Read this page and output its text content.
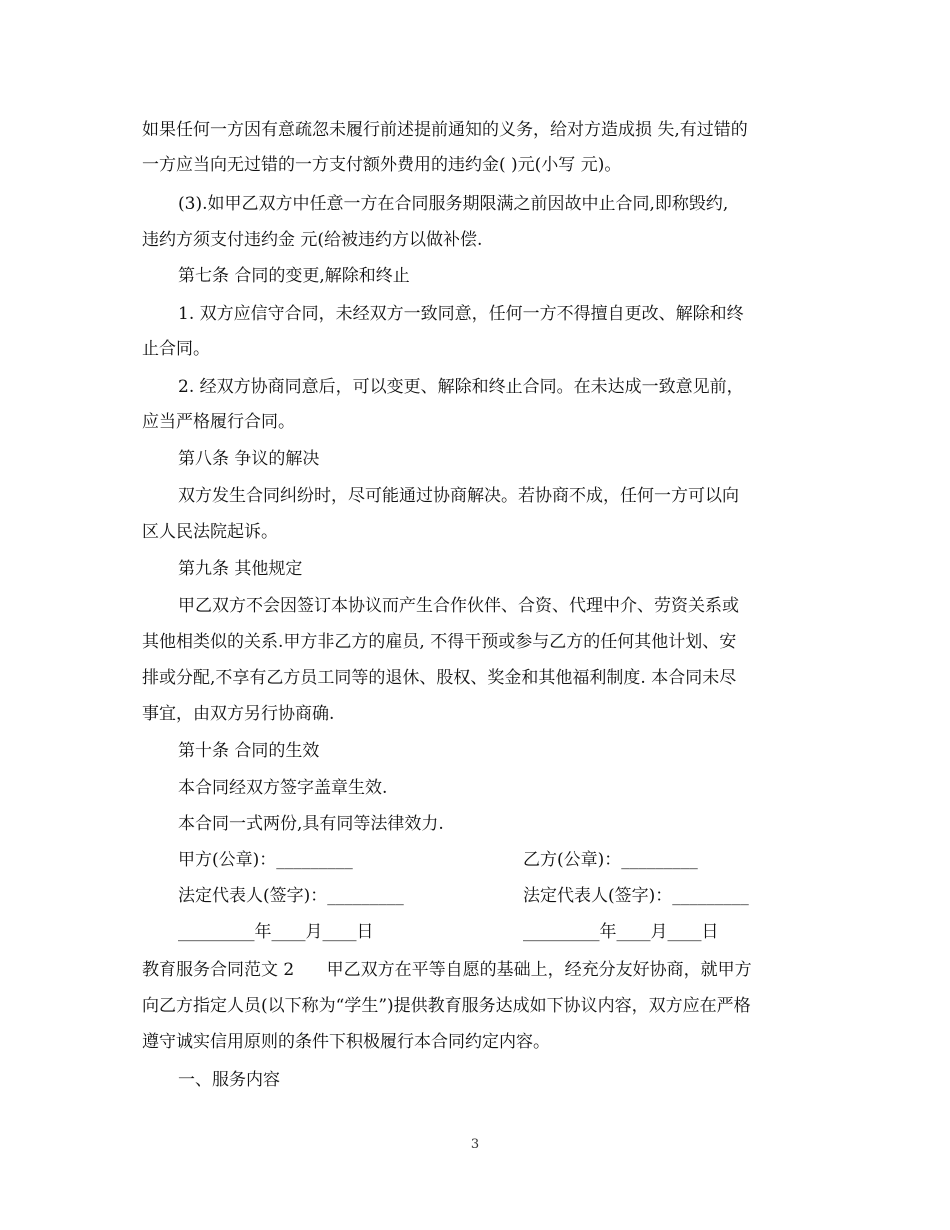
如果任何一方因有意疏忽未履行前述提前通知的义务，给对方造成损 失,有过错的
一方应当向无过错的一方支付额外费用的违约金( )元(小写 元)。
(3).如甲乙双方中任意一方在合同服务期限满之前因故中止合同,即称毁约,
违约方须支付违约金 元(给被违约方以做补偿.
第七条 合同的变更,解除和终止
1. 双方应信守合同，未经双方一致同意，任何一方不得擅自更改、解除和终
止合同。
2. 经双方协商同意后，可以变更、解除和终止合同。在未达成一致意见前，
应当严格履行合同。
第八条 争议的解决
双方发生合同纠纷时，尽可能通过协商解决。若协商不成，任何一方可以向
区人民法院起诉。
第九条 其他规定
甲乙双方不会因签订本协议而产生合作伙伴、合资、代理中介、劳资关系或
其他相类似的关系.甲方非乙方的雇员, 不得干预或参与乙方的任何其他计划、安
排或分配,不享有乙方员工同等的退休、股权、奖金和其他福利制度. 本合同未尽
事宜，由双方另行协商确.
第十条 合同的生效
本合同经双方签字盖章生效.
本合同一式两份,具有同等法律效力.
甲方(公章)：_________	乙方(公章)：_________
法定代表人(签字)：_________	法定代表人(签字)：_________
_________年____月____日	_________年____月____日
教育服务合同范文 2      甲乙双方在平等自愿的基础上，经充分友好协商，就甲方
向乙方指定人员(以下称为“学生”)提供教育服务达成如下协议内容，双方应在严格
遵守诚实信用原则的条件下积极履行本合同约定内容。
一、服务内容
3
